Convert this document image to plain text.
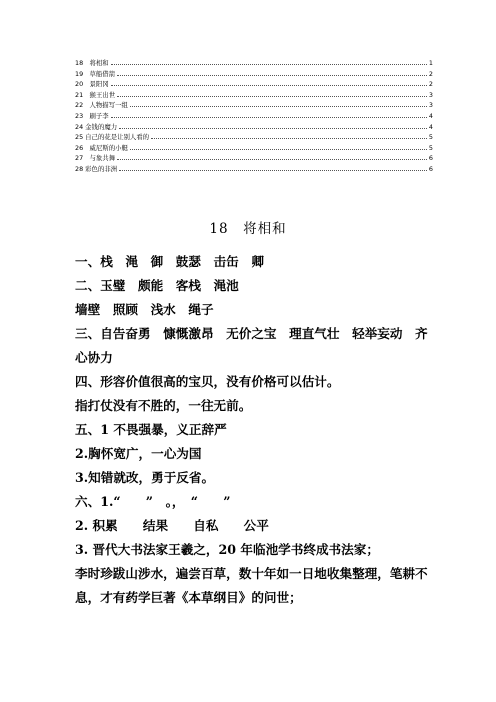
18　将相和	1
19　草船借箭	2
20　景阳冈	2
21　猴王出世	3
22　人物描写一组	3
23　刷子李	4
24 金钱的魔力	4
25 自己的花是让别人看的	5
26　威尼斯的小艇	5
27　与象共舞	6
28 彩色的非洲	6
18　将相和
一、栈　渑　御　鼓瑟　击缶　卿
二、玉璧　颇能　客栈　渑池
墙壁　照顾　浅水　绳子
三、自告奋勇　慷慨激昂　无价之宝　理直气壮　轻举妄动　齐心协力
四、形容价值很高的宝贝，没有价格可以估计。
指打仗没有不胜的，一往无前。
五、1 不畏强暴，义正辞严
2.胸怀宽广，一心为国
3.知错就改，勇于反省。
六、1.“　　”　。，　“　　”
2. 积累　　结果　　自私　　公平
3. 晋代大书法家王羲之，20 年临池学书终成书法家；
李时珍跋山涉水，遍尝百草，数十年如一日地收集整理，笔耕不息，才有药学巨著《本草纲目》的问世；
